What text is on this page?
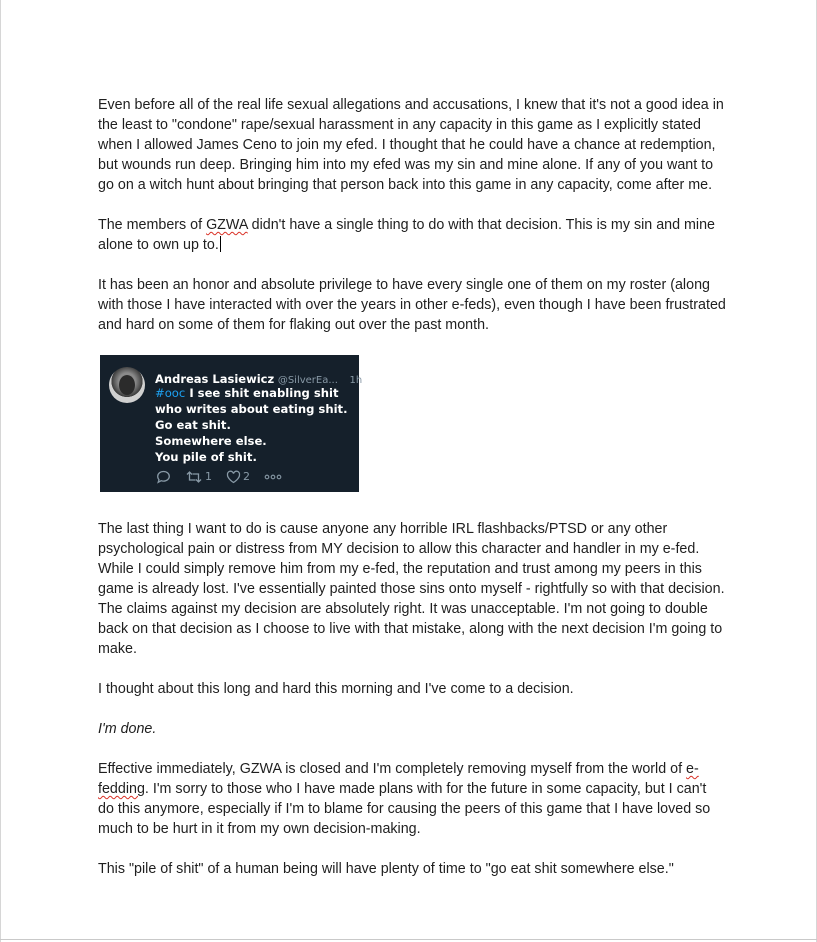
Even before all of the real life sexual allegations and accusations, I knew that it's not a good idea in the least to "condone" rape/sexual harassment in any capacity in this game as I explicitly stated when I allowed James Ceno to join my efed. I thought that he could have a chance at redemption, but wounds run deep. Bringing him into my efed was my sin and mine alone. If any of you want to go on a witch hunt about bringing that person back into this game in any capacity, come after me.

The members of GZWA didn't have a single thing to do with that decision. This is my sin and mine alone to own up to.

It has been an honor and absolute privilege to have every single one of them on my roster (along with those I have interacted with over the years in other e-feds), even though I have been frustrated and hard on some of them for flaking out over the past month.

Andreas Lasiewicz @SilverEa... 1h
#ooc I see shit enabling shit who writes about eating shit.
Go eat shit.
Somewhere else.
You pile of shit.
1	2

The last thing I want to do is cause anyone any horrible IRL flashbacks/PTSD or any other psychological pain or distress from MY decision to allow this character and handler in my e-fed. While I could simply remove him from my e-fed, the reputation and trust among my peers in this game is already lost. I've essentially painted those sins onto myself - rightfully so with that decision. The claims against my decision are absolutely right. It was unacceptable. I'm not going to double back on that decision as I choose to live with that mistake, along with the next decision I'm going to make.

I thought about this long and hard this morning and I've come to a decision.

I'm done.

Effective immediately, GZWA is closed and I'm completely removing myself from the world of e-fedding. I'm sorry to those who I have made plans with for the future in some capacity, but I can't do this anymore, especially if I'm to blame for causing the peers of this game that I have loved so much to be hurt in it from my own decision-making.

This "pile of shit" of a human being will have plenty of time to "go eat shit somewhere else."
